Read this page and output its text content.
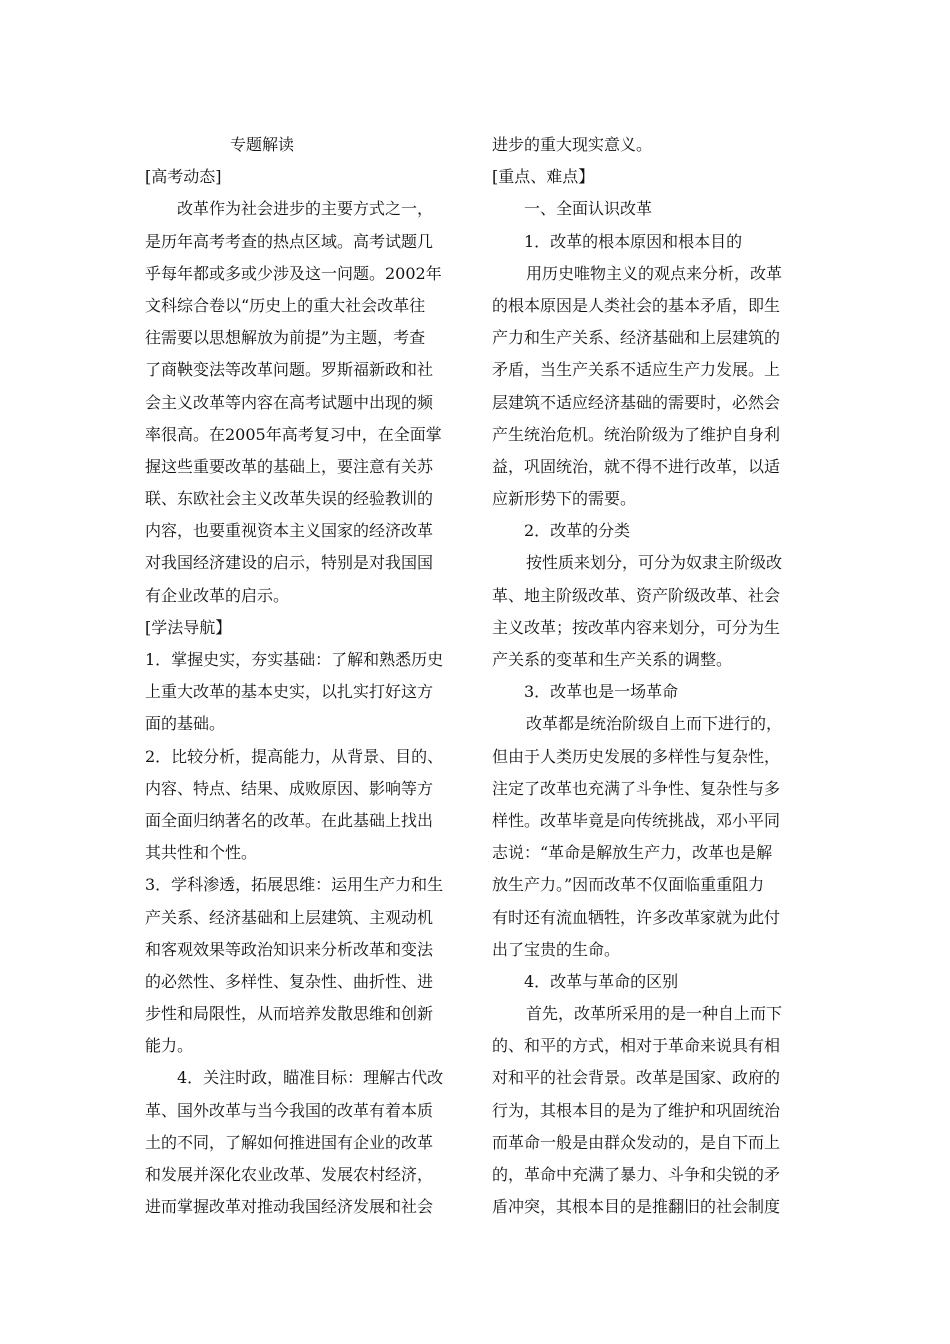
专题解读
[高考动态]
改革作为社会进步的主要方式之一，
是历年高考考查的热点区域。高考试题几
乎每年都或多或少涉及这一问题。2002年
文科综合卷以“历史上的重大社会改革往
往需要以思想解放为前提”为主题，考查
了商鞅变法等改革问题。罗斯福新政和社
会主义改革等内容在高考试题中出现的频
率很高。在2005年高考复习中，在全面掌
握这些重要改革的基础上，要注意有关苏
联、东欧社会主义改革失误的经验教训的
内容，也要重视资本主义国家的经济改革
对我国经济建设的启示，特别是对我国国
有企业改革的启示。
[学法导航】
1．掌握史实，夯实基础：了解和熟悉历史
上重大改革的基本史实，以扎实打好这方
面的基础。
2．比较分析，提高能力，从背景、目的、
内容、特点、结果、成败原因、影响等方
面全面归纳著名的改革。在此基础上找出
其共性和个性。
3．学科渗透，拓展思维：运用生产力和生
产关系、经济基础和上层建筑、主观动机
和客观效果等政治知识来分析改革和变法
的必然性、多样性、复杂性、曲折性、进
步性和局限性，从而培养发散思维和创新
能力。
4．关注时政，瞄准目标：理解古代改
革、国外改革与当今我国的改革有着本质
土的不同，了解如何推进国有企业的改革
和发展并深化农业改革、发展农村经济，
进而掌握改革对推动我国经济发展和社会
进步的重大现实意义。
[重点、难点】
一、全面认识改革
1．改革的根本原因和根本目的
用历史唯物主义的观点来分析，改革
的根本原因是人类社会的基本矛盾，即生
产力和生产关系、经济基础和上层建筑的
矛盾，当生产关系不适应生产力发展。上
层建筑不适应经济基础的需要时，必然会
产生统治危机。统治阶级为了维护自身利
益，巩固统治，就不得不进行改革，以适
应新形势下的需要。
2．改革的分类
按性质来划分，可分为奴隶主阶级改
革、地主阶级改革、资产阶级改革、社会
主义改革；按改革内容来划分，可分为生
产关系的变革和生产关系的调整。
3．改革也是一场革命
改革都是统治阶级自上而下进行的，
但由于人类历史发展的多样性与复杂性，
注定了改革也充满了斗争性、复杂性与多
样性。改革毕竟是向传统挑战，邓小平同
志说：“革命是解放生产力，改革也是解
放生产力。”因而改革不仅面临重重阻力
有时还有流血牺牲，许多改革家就为此付
出了宝贵的生命。
4．改革与革命的区别
首先，改革所采用的是一种自上而下
的、和平的方式，相对于革命来说具有相
对和平的社会背景。改革是国家、政府的
行为，其根本目的是为了维护和巩固统治
而革命一般是由群众发动的，是自下而上
的，革命中充满了暴力、斗争和尖锐的矛
盾冲突，其根本目的是推翻旧的社会制度
